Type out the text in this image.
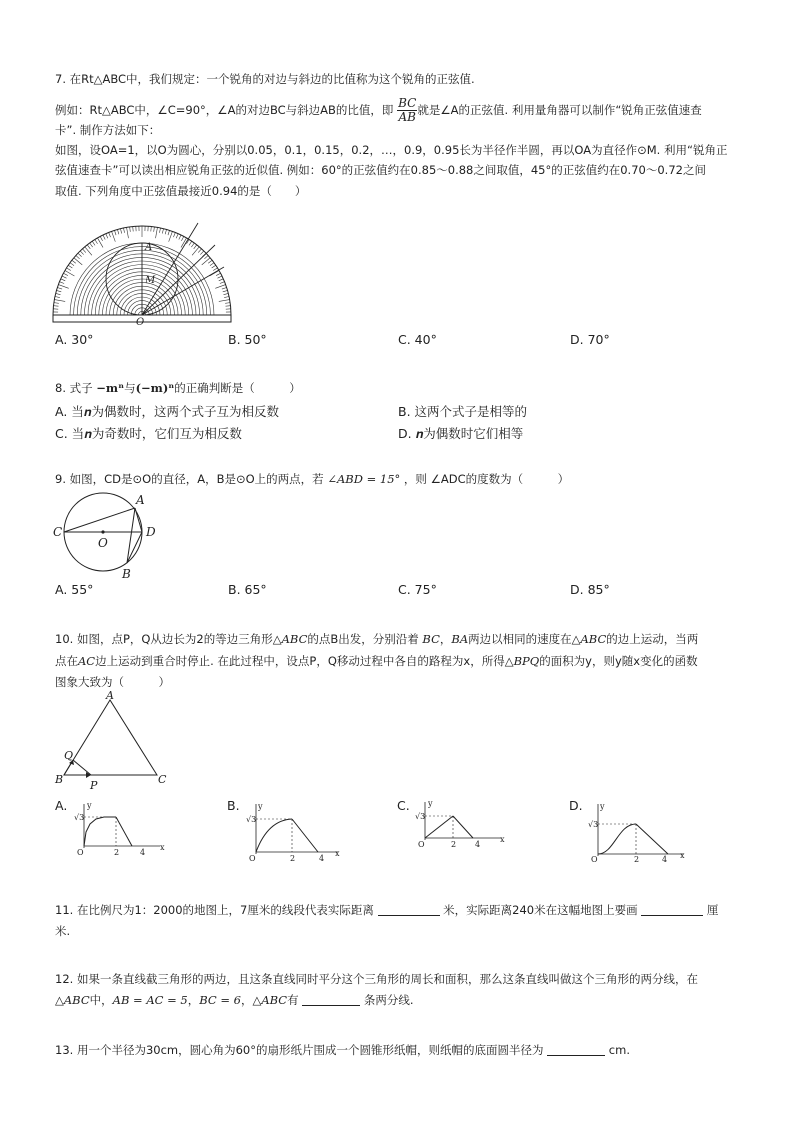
7. 在Rt△ABC中，我们规定：一个锐角的对边与斜边的比值称为这个锐角的正弦值.
例如：Rt△ABC中，∠C=90°，∠A的对边BC与斜边AB的比值，即 $\frac{BC}{AB}$ 就是∠A的正弦值. 利用量角器可以制作“锐角正弦值速查
卡”. 制作方法如下：
如图，设OA=1，以O为圆心，分别以0.05，0.1，0.15，0.2，…，0.9，0.95长为半径作半圆，再以OA为直径作⊙M. 利用“锐角正
弦值速查卡”可以读出相应锐角正弦的近似值. 例如：60°的正弦值约在0.85～0.88之间取值，45°的正弦值约在0.70～0.72之间
取值. 下列角度中正弦值最接近0.94的是（　　）
A
M
O
A. 30°	B. 50°	C. 40°	D. 70°
8. 式子 −mⁿ与(−m)ⁿ的正确判断是（　　　）
A. 当𝒏为偶数时，这两个式子互为相反数	B. 这两个式子是相等的
C. 当𝒏为奇数时，它们互为相反数	D. 𝒏为偶数时它们相等
9. 如图，CD是⊙O的直径，A，B是⊙O上的两点，若 ∠ABD = 15° ，则 ∠ADC的度数为（　　　）
A
B
C	D
O
A. 55°	B. 65°	C. 75°	D. 85°
10. 如图，点P，Q从边长为2的等边三角形△ABC的点B出发，分别沿着 BC，BA两边以相同的速度在△ABC的边上运动，当两
点在AC边上运动到重合时停止. 在此过程中，设点P，Q移动过程中各自的路程为x，所得△BPQ的面积为y，则y随x变化的函数
图象大致为（　　　）
A
B	C
P
Q
A.	B.	C.	D.
y
x
O
√3
2	4
y
x
O
√3
2	4
y
x
O
√3
2 4
y
x
O
√3
2	4
11. 在比例尺为1：2000的地图上，7厘米的线段代表实际距离	米，实际距离240米在这幅地图上要画	厘
米.
12. 如果一条直线截三角形的两边，且这条直线同时平分这个三角形的周长和面积，那么这条直线叫做这个三角形的两分线，在
△ABC中，AB = AC = 5，BC = 6，△ABC有	条两分线.
13. 用一个半径为30cm，圆心角为60°的扇形纸片围成一个圆锥形纸帽，则纸帽的底面圆半径为	cm.
